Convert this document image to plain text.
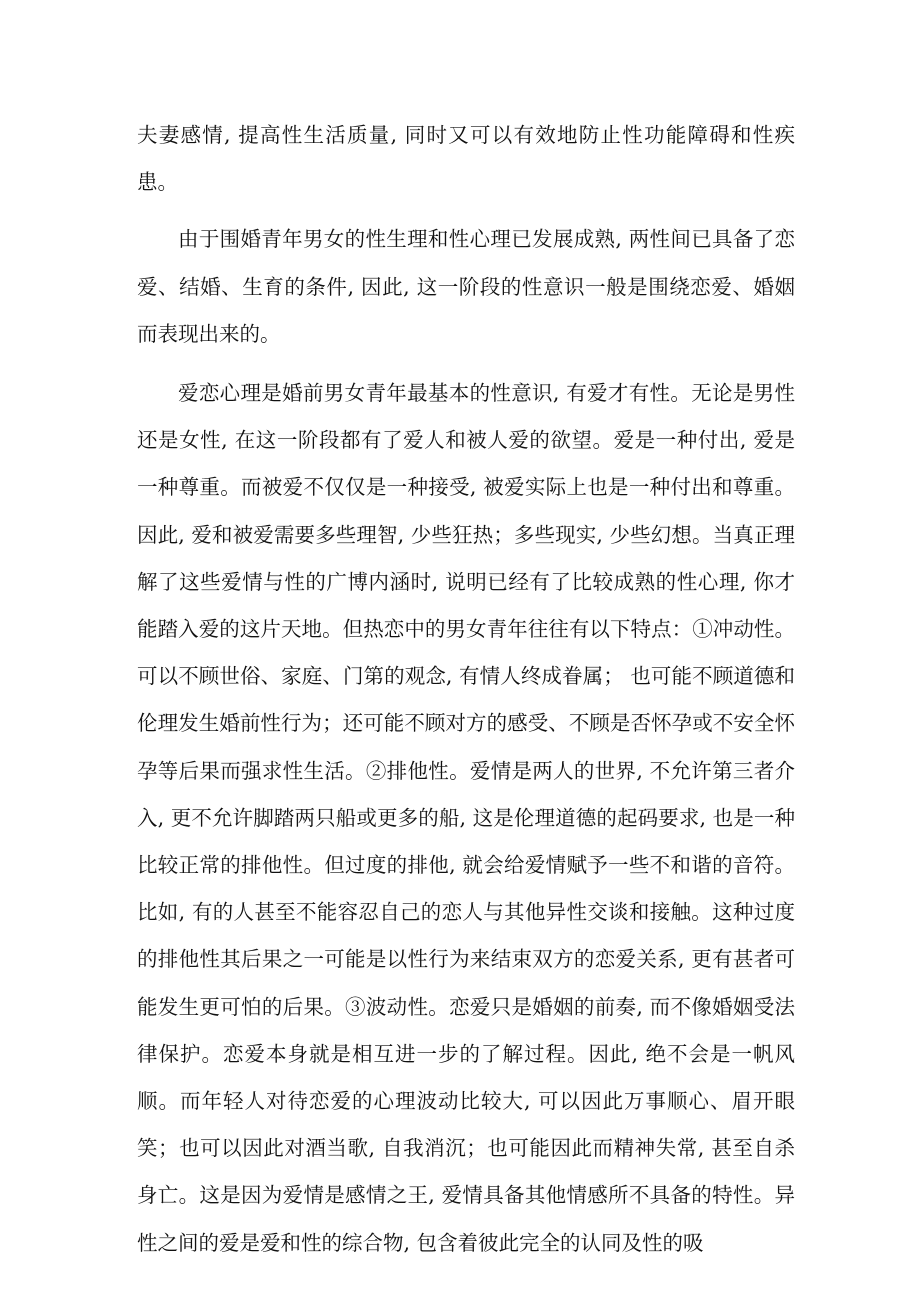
夫妻感情, 提高性生活质量, 同时又可以有效地防止性功能障碍和性疾患。

由于围婚青年男女的性生理和性心理已发展成熟, 两性间已具备了恋爱、结婚、生育的条件, 因此, 这一阶段的性意识一般是围绕恋爱、婚姻而表现出来的。

爱恋心理是婚前男女青年最基本的性意识, 有爱才有性。无论是男性还是女性, 在这一阶段都有了爱人和被人爱的欲望。爱是一种付出, 爱是一种尊重。而被爱不仅仅是一种接受, 被爱实际上也是一种付出和尊重。因此, 爱和被爱需要多些理智, 少些狂热；多些现实, 少些幻想。当真正理解了这些爱情与性的广博内涵时, 说明已经有了比较成熟的性心理, 你才能踏入爱的这片天地。但热恋中的男女青年往往有以下特点：①冲动性。可以不顾世俗、家庭、门第的观念, 有情人终成眷属； 也可能不顾道德和伦理发生婚前性行为；还可能不顾对方的感受、不顾是否怀孕或不安全怀孕等后果而强求性生活。②排他性。爱情是两人的世界, 不允许第三者介入, 更不允许脚踏两只船或更多的船, 这是伦理道德的起码要求, 也是一种比较正常的排他性。但过度的排他, 就会给爱情赋予一些不和谐的音符。比如, 有的人甚至不能容忍自己的恋人与其他异性交谈和接触。这种过度的排他性其后果之一可能是以性行为来结束双方的恋爱关系, 更有甚者可能发生更可怕的后果。③波动性。恋爱只是婚姻的前奏, 而不像婚姻受法律保护。恋爱本身就是相互进一步的了解过程。因此, 绝不会是一帆风顺。而年轻人对待恋爱的心理波动比较大, 可以因此万事顺心、眉开眼笑；也可以因此对酒当歌, 自我消沉；也可能因此而精神失常, 甚至自杀身亡。这是因为爱情是感情之王, 爱情具备其他情感所不具备的特性。异性之间的爱是爱和性的综合物, 包含着彼此完全的认同及性的吸
